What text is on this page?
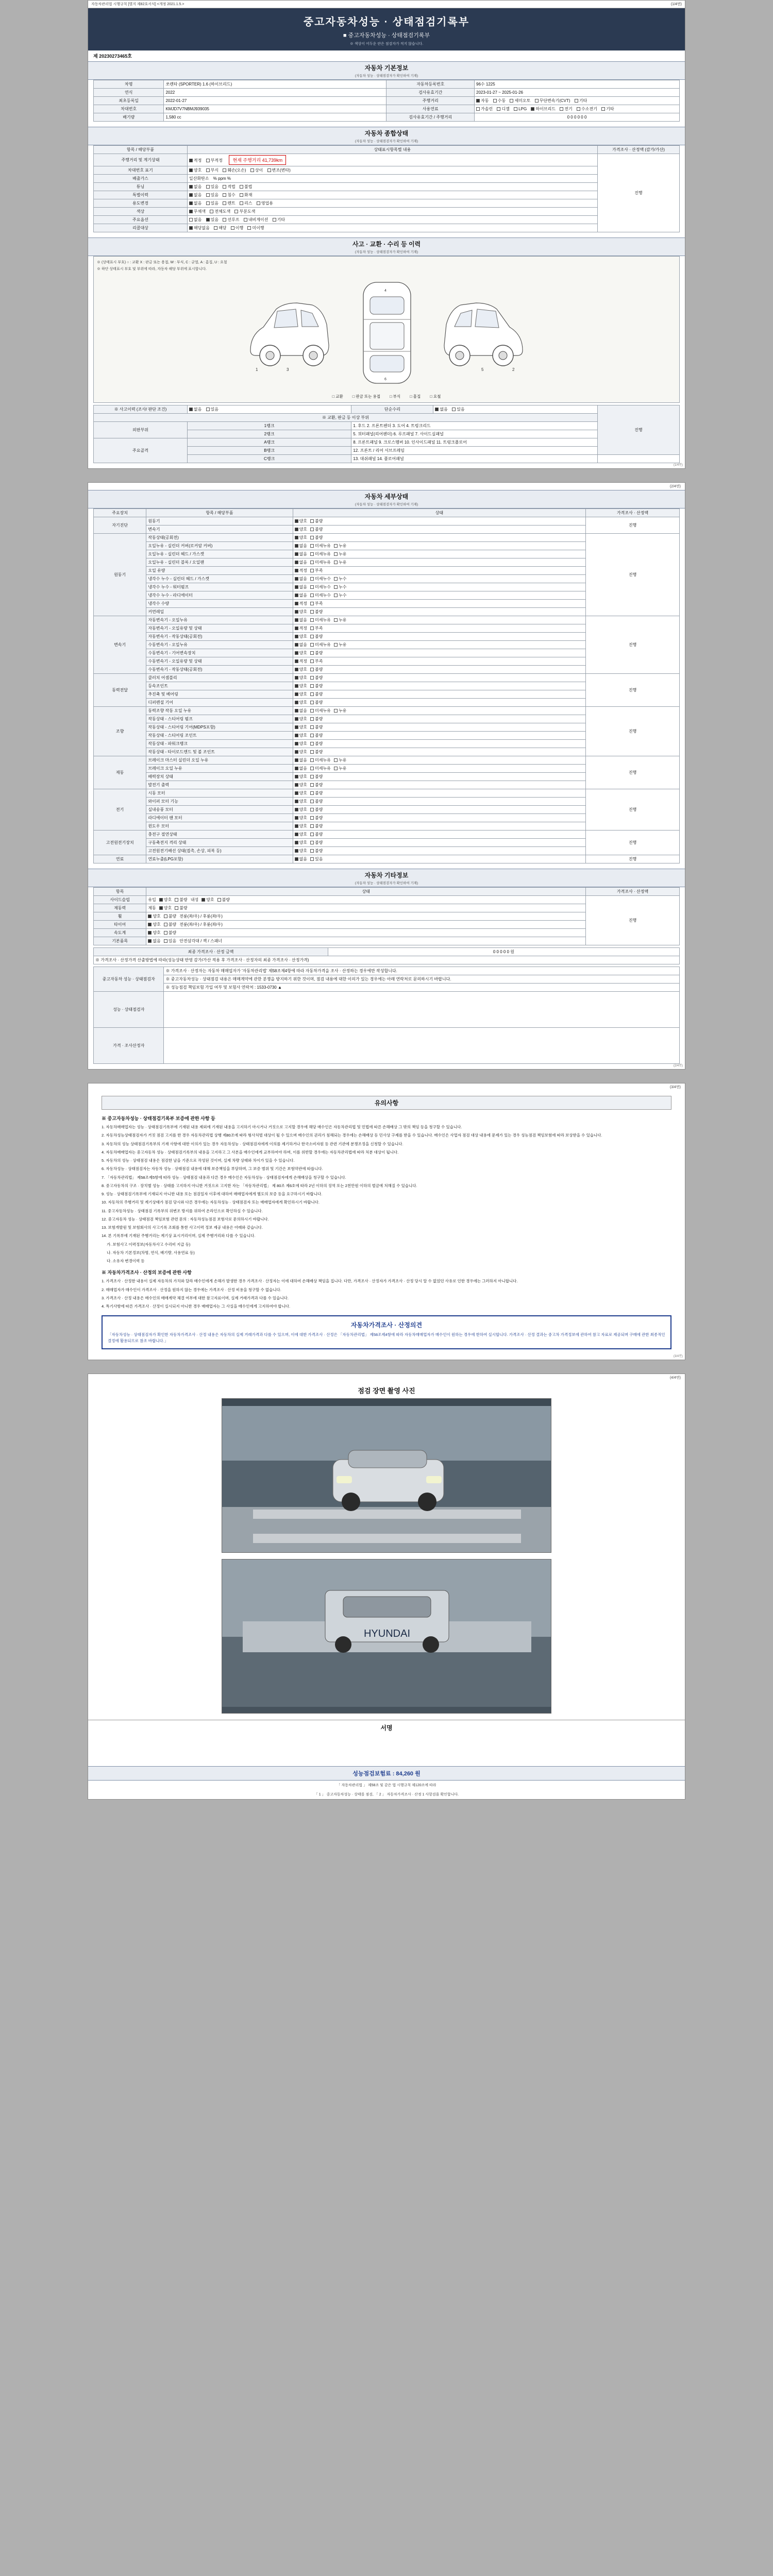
자동차관리법 시행규칙 [별지 제82호서식] <개정 2021.1.5.>	(1/4면)
중고자동차성능 · 상태점검기록부
■ 중고자동차성능 · 상태점검기록부
※ 색상이 어두운 란은 점검자가 적지 않습니다.
제 20230273465호
자동차 기본정보
(자동차 성능 · 상태점검자가 확인하여 기재)
차명	쏘렌타 (SPORTER) 1.6 (하이브리드)	자동차등록번호	96수 1225
연식	2022	검사유효기간	2023-01-27 ~ 2025-01-26
최초등록일	2022-01-27	주행거리	자동 수동 세미오토 무단변속기(CVT) 기타
차대번호	KMJD7V7NBMJ939035	사용연료	가솔린 디젤 LPG 하이브리드 전기 수소전기 기타
배기량	1,580 cc	검사유효기간 / 주행거리	0 0 0 0 0 0
자동차 종합상태
(자동차 성능 · 상태점검자가 확인하여 기재)
항목 / 해당부품	상태표시항목별 내용	가격조사 · 산정액 (감가/가산)
주행거리 및 계기상태	적정 부적정 현재 주행거리 41,739km	진행

차대번호 표기	양호 부식 훼손(오손) 상이 변조(변타)	
배출가스	일산화탄소 % ppm %	
튜닝	없음 있음 적법 불법	
특별이력	없음 있음 침수 화재	
용도변경	없음 있음 렌트 리스 영업용	
색상	무채색 전체도색 부분도색	
주요옵션	없음 있음 선루프 내비게이션 기타	
리콜대상	해당없음 해당 이행 미이행	
사고 · 교환 · 수리 등 이력
(자동차 성능 · 상태점검자가 확인하여 기재)
※ (상태표시 부호) ○ : 교환 X : 판금 또는 용접, W : 부식, C : 균열, A : 흠집, U : 요철
※ 하단 상태표시 부호 및 부위에 따라, 자동차 해당 부위에 표시합니다.
1	3
4
6
2
5
□ 교환 □ 판금 또는 용접 □ 부식 □ 흠집 □ 요철
※ 사고이력 (조사/ 판단 조건)	없음 있음	단순수리	없음 있음	진행
※ 교환, 판금 등 이상 부위				
외판부위	1랭크	1. 후드 2. 프론트펜더 3. 도어 4. 트렁크리드		
	2랭크	5. 쿼터패널(리어펜더) 6. 루프패널 7. 사이드실패널		
주요골격	A랭크	8. 프론트패널 9. 크로스멤버 10. 인사이드패널 11. 트렁크플로어		
	B랭크	12. 프론트 / 리어 서브프레임		
	C랭크	13. 대쉬패널 14. 플로어패널		
(1/4면)
(2/4면)
자동차 세부상태
(자동차 성능 · 상태점검자가 확인하여 기재)
주요장치	항목 / 해당부품	상태	가격조사 · 산정액
자기진단	원동기	양호 불량	진행
	변속기	양호 불량	
원동기	작동상태(공회전)	양호 불량	진행
	오일누유 - 실린더 커버(로커암 커버)	없음 미세누유 누유	
	오일누유 - 실린더 헤드 / 가스켓	없음 미세누유 누유	
	오일누유 - 실린더 블록 / 오일팬	없음 미세누유 누유	
	오일 유량	적정 부족	
	냉각수 누수 - 실린더 헤드 / 가스켓	없음 미세누수 누수	
	냉각수 누수 - 워터펌프	없음 미세누수 누수	
	냉각수 누수 - 라디에이터	없음 미세누수 누수	
	냉각수 수량	적정 부족	
	커먼레일	양호 불량	
변속기	자동변속기 - 오일누유	없음 미세누유 누유	진행
	자동변속기 - 오일유량 및 상태	적정 부족	
	자동변속기 - 작동상태(공회전)	양호 불량	
	수동변속기 - 오일누유	없음 미세누유 누유	
	수동변속기 - 기어변속장치	양호 불량	
	수동변속기 - 오일유량 및 상태	적정 부족	
	수동변속기 - 작동상태(공회전)	양호 불량	
동력전달	클러치 어셈블리	양호 불량	진행
	등속조인트	양호 불량	
	추진축 및 베어링	양호 불량	
	디퍼렌셜 기어	양호 불량	
조향	동력조향 작동 오일 누유	없음 미세누유 누유	진행
	작동상태 - 스티어링 펌프	양호 불량	
	작동상태 - 스티어링 기어(MDPS포함)	양호 불량	
	작동상태 - 스티어링 조인트	양호 불량	
	작동상태 - 파워크랭크	양호 불량	
	작동상태 - 타이로드엔드 및 볼 조인트	양호 불량	
제동	브레이크 마스터 실린더 오일 누유	없음 미세누유 누유	진행
	브레이크 오일 누유	없음 미세누유 누유	
	배력장치 상태	양호 불량	
	발전기 출력	양호 불량	
전기	시동 모터	양호 불량	진행
	와이퍼 모터 기능	양호 불량	
	실내송풍 모터	양호 불량	
	라디에이터 팬 모터	양호 불량	
	윈도우 모터	양호 불량	
고전원전기장치	충전구 절연상태	양호 불량	진행
	구동축전지 격리 상태	양호 불량	
	고전원전기배선 상태(접촉, 손상, 피복 등)	양호 불량	
연료	연료누출(LPG포함)	없음 있음	진행
자동차 기타정보
(자동차 성능 · 상태점검자가 확인하여 기재)
항목	상태	가격조사 · 산정액
사이드슬립	유입 양호 불량 내성 양호 불량	진행
제동력	제동 양호 불량	
휠	양호 불량 전륜(좌/우) / 후륜(좌/우)	
타이어	양호 불량 전륜(좌/우) / 후륜(좌/우)	
속도계	양호 불량	
기본품목	없음 있음 안전삼각대 / 잭 / 스패너	
최종 가격조사 · 산정 금액	0 0 0 0 0 원
※ 가격조사 · 산정가격 산출방법에 따라(성능상태 반영 감가/가산 적용 후 가격조사 · 산정자의 최종 가격조사 · 산정가격)
중고자동차 성능 · 상태점검자	※ 가격조사 · 산정자는 자동차 매매업자가 '자동차관리법' 제58조제4항에 따라 자동차가격을 조사 · 산정하는 경우에만 작성합니다.
	※ 중고자동차성능 · 상태점검 내용은 매매계약에 관한 분쟁을 방지하기 위한 것이며, 점검 내용에 대한 이의가 있는 경우에는 아래 연락처로 문의하시기 바랍니다.
	※ 성능점검 책임보험 가입 여부 및 보험사 연락처 : 1533-0730 ▲
성능 · 상태점검자	
가격 · 조사산정자	
(2/4면)
(3/4면)
유의사항
※ 중고자동차성능 · 상태점검기록부 보증에 관한 사항 등

1. 자동차매매업자는 성능 · 상태점검기록부에 기재된 내용 제외에 기재된 내용을 고지하기 마시거나 거짓으로 고지할 경우에 해당 매수인은 자동차관리법 및 민법에 따른 손해배상 그 밖의 책임 등을 청구할 수 있습니다.

2. 자동차성능상태점검자가 거짓 점검 고지를 한 경우 자동차관리법 상행 제80조에 따라 형사처벌 대상이 될 수 있으며 매수인의 권리가 침해되는 경우에는 손해배상 등 민사상 구제를 받을 수 있습니다. 매수인은 사업자 점검 대상 내용에 문제가 있는 경우 성능점검 책임보험에 따라 보상받을 수 있습니다.

3. 자동차의 성능 상태점검기록부의 기재 사항에 대한 이의가 있는 경우 자동차성능 · 상태점검자에게 이의를 제기하거나 한국소비자원 등 관련 기관에 분쟁조정을 신청할 수 있습니다.

4. 자동차매매업자는 중고자동차 성능 · 상태점검기록부의 내용을 고지하고 그 사본을 매수인에게 교부하여야 하며, 이를 위반할 경우에는 자동차관리법에 따라 처분 대상이 됩니다.

5. 자동차의 성능 · 상태점검 내용은 점검한 날을 기준으로 작성된 것이며, 실제 차량 상태와 차이가 있을 수 있습니다.

6. 자동차성능 · 상태점검자는 자동차 성능 · 상태점검 내용에 대해 보증책임을 부담하며, 그 보증 범위 및 기간은 보험약관에 따릅니다.

7. 「자동차관리법」 제58조제5항에 따라 성능 · 상태점검 내용과 다른 경우 매수인은 자동차성능 · 상태점검자에게 손해배상을 청구할 수 있습니다.

8. 중고자동차의 구조 · 장치별 성능 · 상태를 고지하지 아니한 거짓으로 고지한 자는 「자동차관리법」 제 80조 제6호에 따라 2년 이하의 징역 또는 2천만원 이하의 벌금에 처해질 수 있습니다.

9. 성능 · 상태점검기록부에 기재되지 아니한 내용 또는 점검일자 이후에 대하여 매매업자에게 별도의 보증 등을 요구하시기 바랍니다.

10. 자동차의 주행거리 및 계기상태가 점검 당시와 다른 경우에는 자동차성능 · 상태점검자 또는 매매업자에게 확인하시기 바랍니다.

11. 중고자동차성능 · 상태점검 기록부의 위변조 방지를 위하여 온라인으로 확인하실 수 있습니다.

12. 중고자동차 성능 · 상태점검 책임보험 관련 문의 : 자동차성능점검 보험사로 문의하시기 바랍니다.

13. 보험개발원 및 보험회사의 사고기록 조회를 통한 사고이력 정보 제공 내용은 아래와 같습니다.

14. 본 기록부에 기재된 주행거리는 계기상 표시거리이며, 실제 주행거리와 다를 수 있습니다.

가. 보험사고 이력정보(자동차사고 수리비 지급 등)

나. 자동차 기본정보(차명, 연식, 배기량, 사용연료 등)

다. 소유자 변경이력 등

※ 자동차가격조사 · 산정의 보증에 관한 사항

1. 가격조사 · 산정한 내용이 실제 자동차의 가치와 달라 매수인에게 손해가 발생한 경우 가격조사 · 산정자는 이에 대하여 손해배상 책임을 집니다. 다만, 가격조사 · 산정자가 가격조사 · 산정 당시 알 수 없었던 사유로 인한 경우에는 그러하지 아니합니다.

2. 매매업자가 매수인이 가격조사 · 산정을 원하지 않는 경우에는 가격조사 · 산정 비용을 청구할 수 없습니다.

3. 가격조사 · 산정 내용은 매수인의 매매계약 체결 여부에 대한 참고자료이며, 실제 거래가격과 다를 수 있습니다.

4. 특기사항에 따른 가격조사 · 산정이 실시되지 아니한 경우 매매업자는 그 사실을 매수인에게 고지하여야 합니다.

자동차가격조사 · 산정의견
「자동차성능 · 상태점검자가 확인한 자동차가격조사 · 산정 내용은 자동차의 실제 거래가격과 다를 수 있으며, 이에 대한 가격조사 · 산정은 「자동차관리법」 제58조제4항에 따라 자동차매매업자가 매수인이 원하는 경우에 한하여 실시합니다. 가격조사 · 산정 결과는 중고차 가격정보에 관하여 참고 자료로 제공되며 구매에 관한 최종적인 결정에 활용되므로 참조 바랍니다.」
(3/4면)
(4/4면)
점검 장면 촬영 사진
HYUNDAI
서명
성능점검보험료 : 84,260 원
「 자동차관리법 」 제58조 및 같은 법 시행규칙 제120조에 따라
「 1 」 중고자동차성능 · 상태를 점검, 「 2 」 자동차가격조사 · 산정 1 사항검을 확인합니다.
